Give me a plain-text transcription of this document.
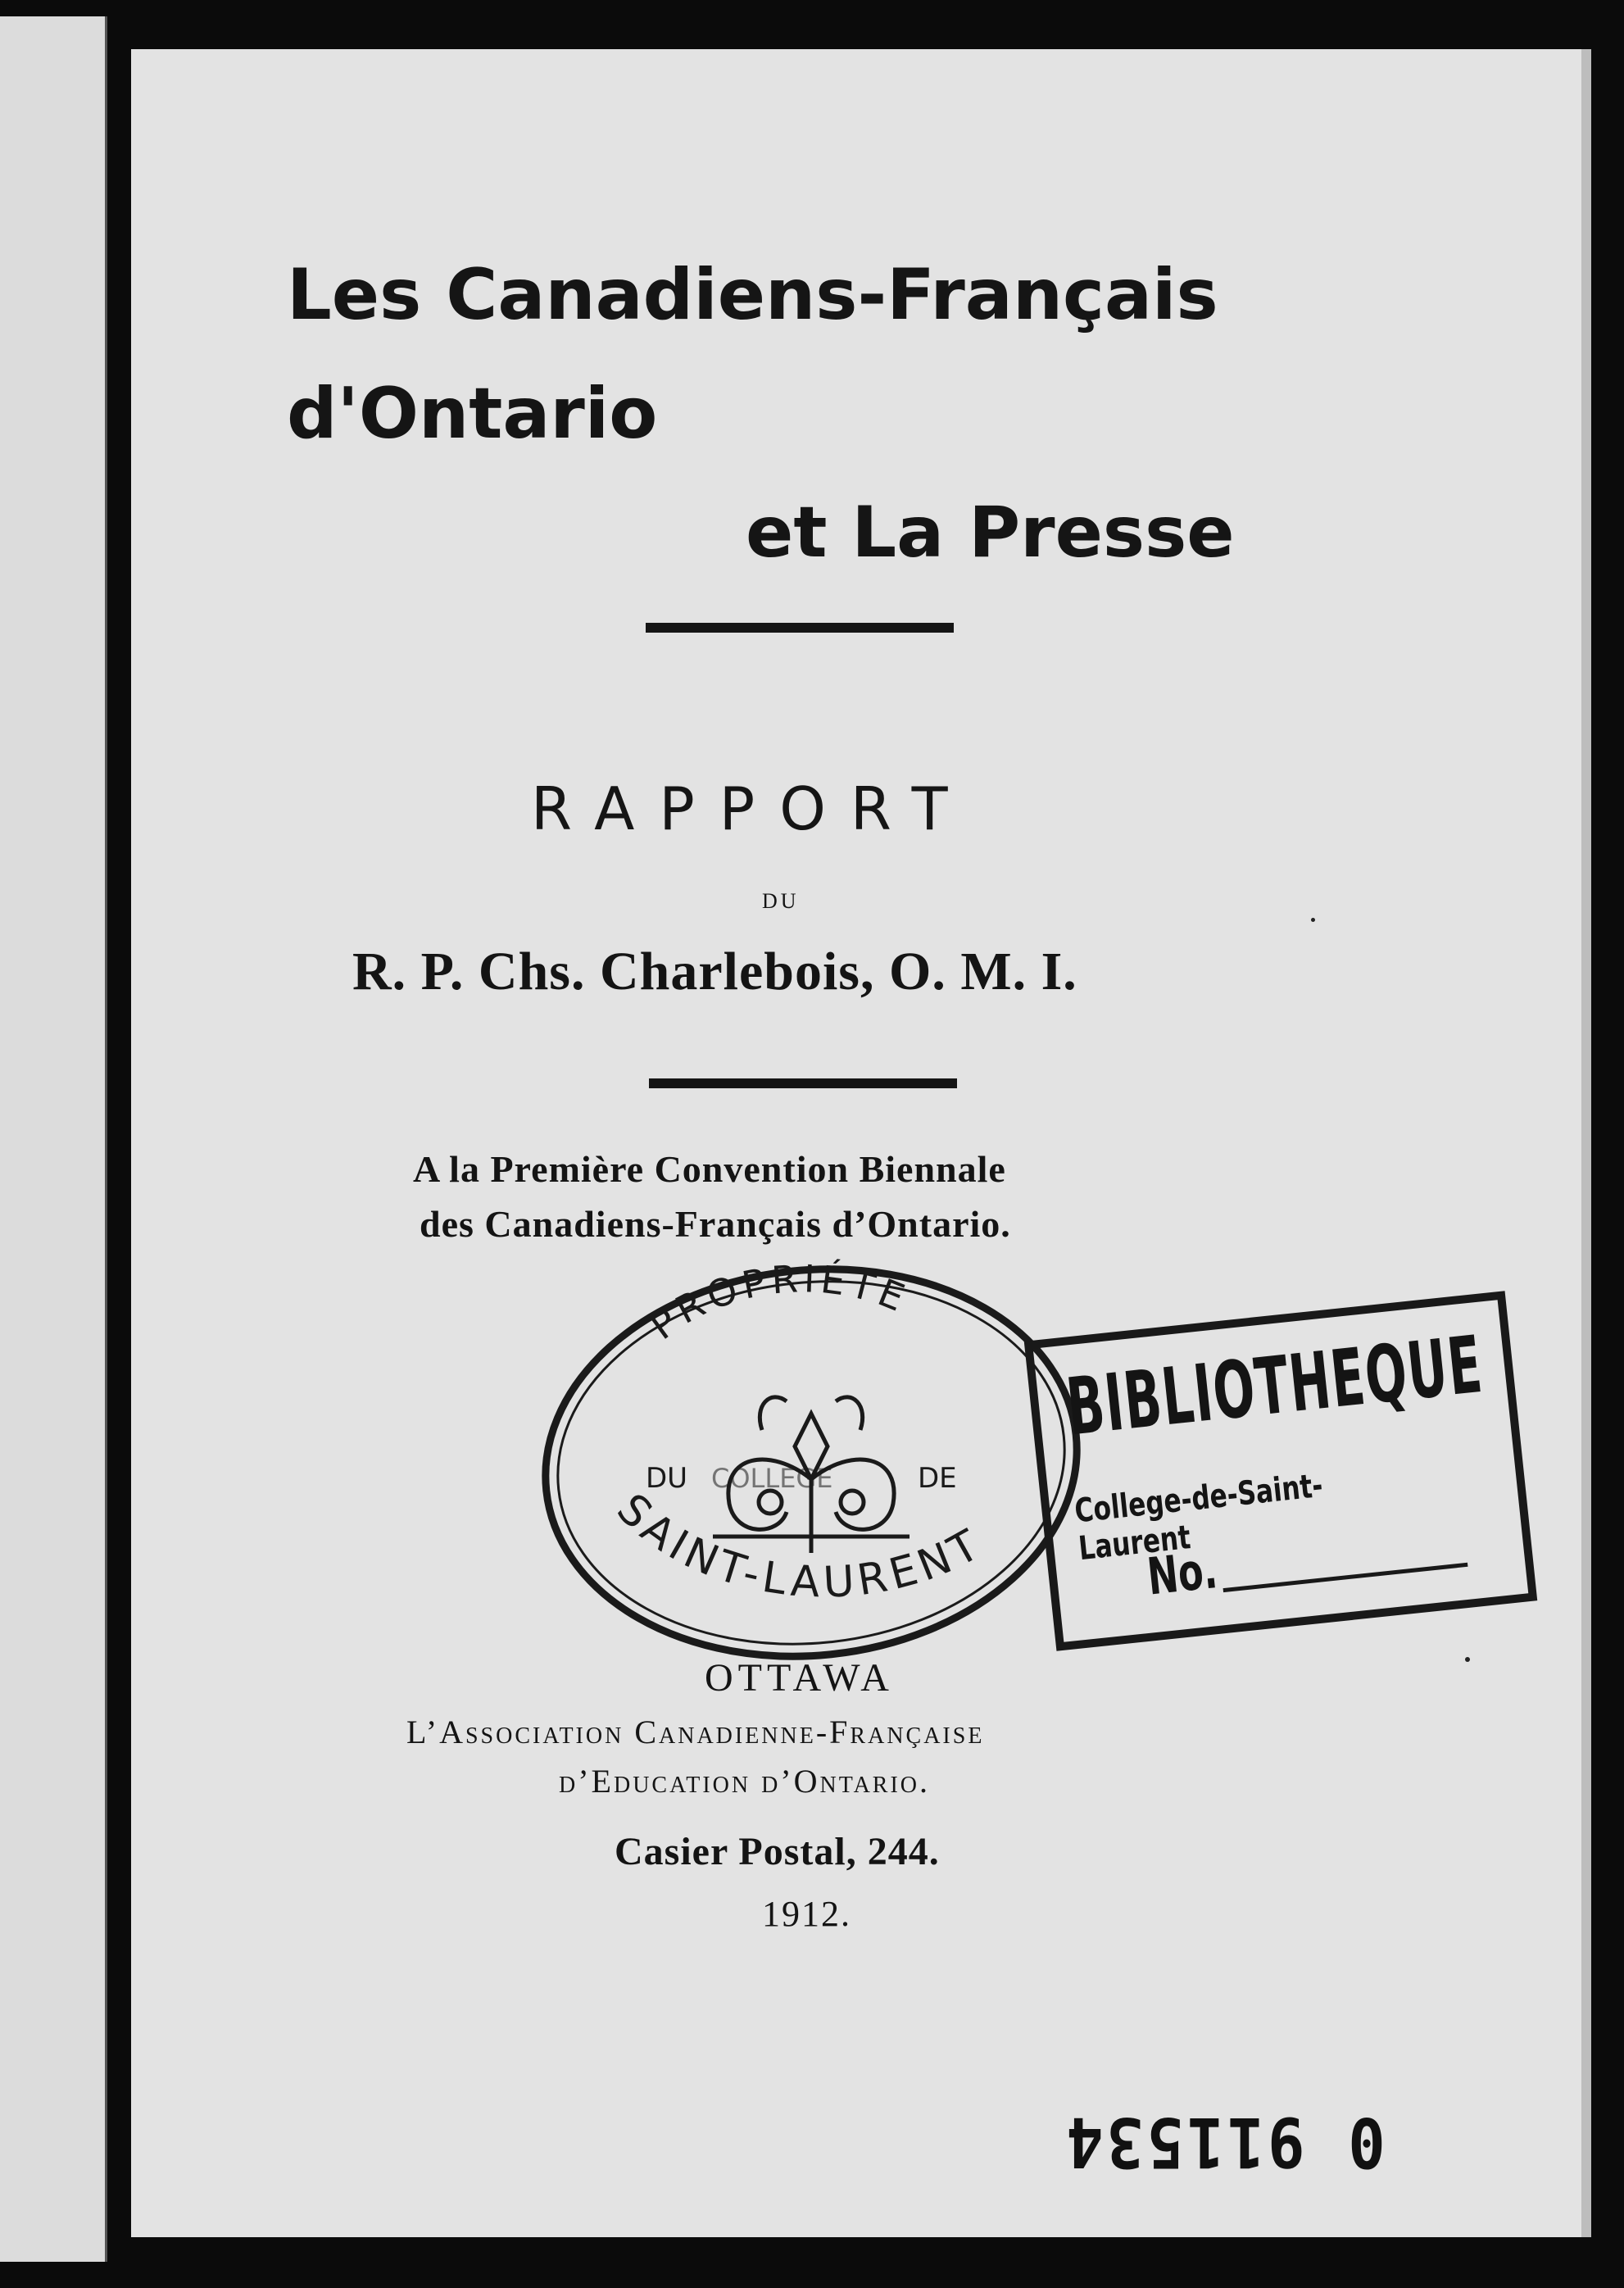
Les Canadiens-Français
d'Ontario
et La Presse
RAPPORT
DU
R. P. Chs. Charlebois, O. M. I.
A la Première Convention Biennale
des Canadiens-Français d’Ontario.
OTTAWA
L’Association Canadienne-Française
d’Education d’Ontario.
Casier Postal, 244.
1912.
PROPRIÉTÉ
DU COLLÈGE	DE
SAINT-LAURENT
BIBLIOTHEQUE
College-de-Saint-Laurent
No.
0 911534
